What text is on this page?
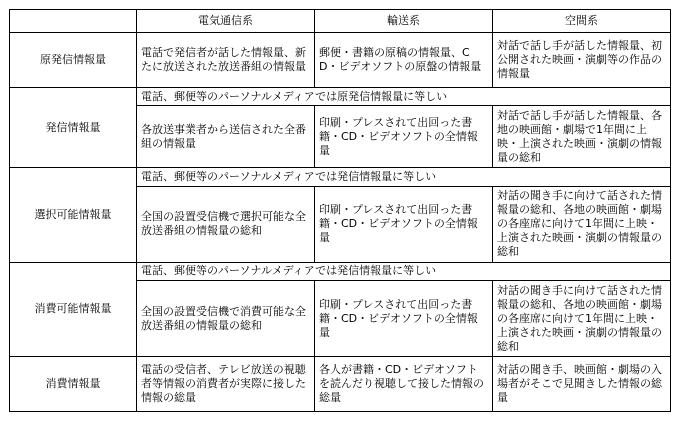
	電気通信系	輸送系	空間系
原発信情報量	電話で発信者が話した情報量、新たに放送された放送番組の情報量	郵便・書籍の原稿の情報量、CD・ビデオソフトの原盤の情報量	対話で話し手が話した情報量、初公開された映画・演劇等の作品の情報量
発信情報量	電話、郵便等のパーソナルメディアでは原発信情報量に等しい		
	各放送事業者から送信された全番組の情報量	印刷・プレスされて出回った書籍・CD・ビデオソフトの全情報量	対話で話し手が話した情報量、各地の映画館・劇場で1年間に上映・上演された映画・演劇の情報量の総和
選択可能情報量	電話、郵便等のパーソナルメディアでは発信情報量に等しい		
	全国の設置受信機で選択可能な全放送番組の情報量の総和	印刷・プレスされて出回った書籍・CD・ビデオソフトの全情報量	対話の聞き手に向けて話された情報量の総和、各地の映画館・劇場の各座席に向けて1年間に上映・上演された映画・演劇の情報量の総和
消費可能情報量	電話、郵便等のパーソナルメディアでは発信情報量に等しい		
	全国の設置受信機で消費可能な全放送番組の情報量の総和	印刷・プレスされて出回った書籍・CD・ビデオソフトの全情報量	対話の聞き手に向けて話された情報量の総和、各地の映画館・劇場の各座席に向けて1年間に上映・上演された映画・演劇の情報量の総和
消費情報量	電話の受信者、テレビ放送の視聴者等情報の消費者が実際に接した情報の総量	各人が書籍・CD・ビデオソフトを読んだり視聴して接した情報の総量	対話の聞き手、映画館・劇場の入場者がそこで見聞きした情報の総量
